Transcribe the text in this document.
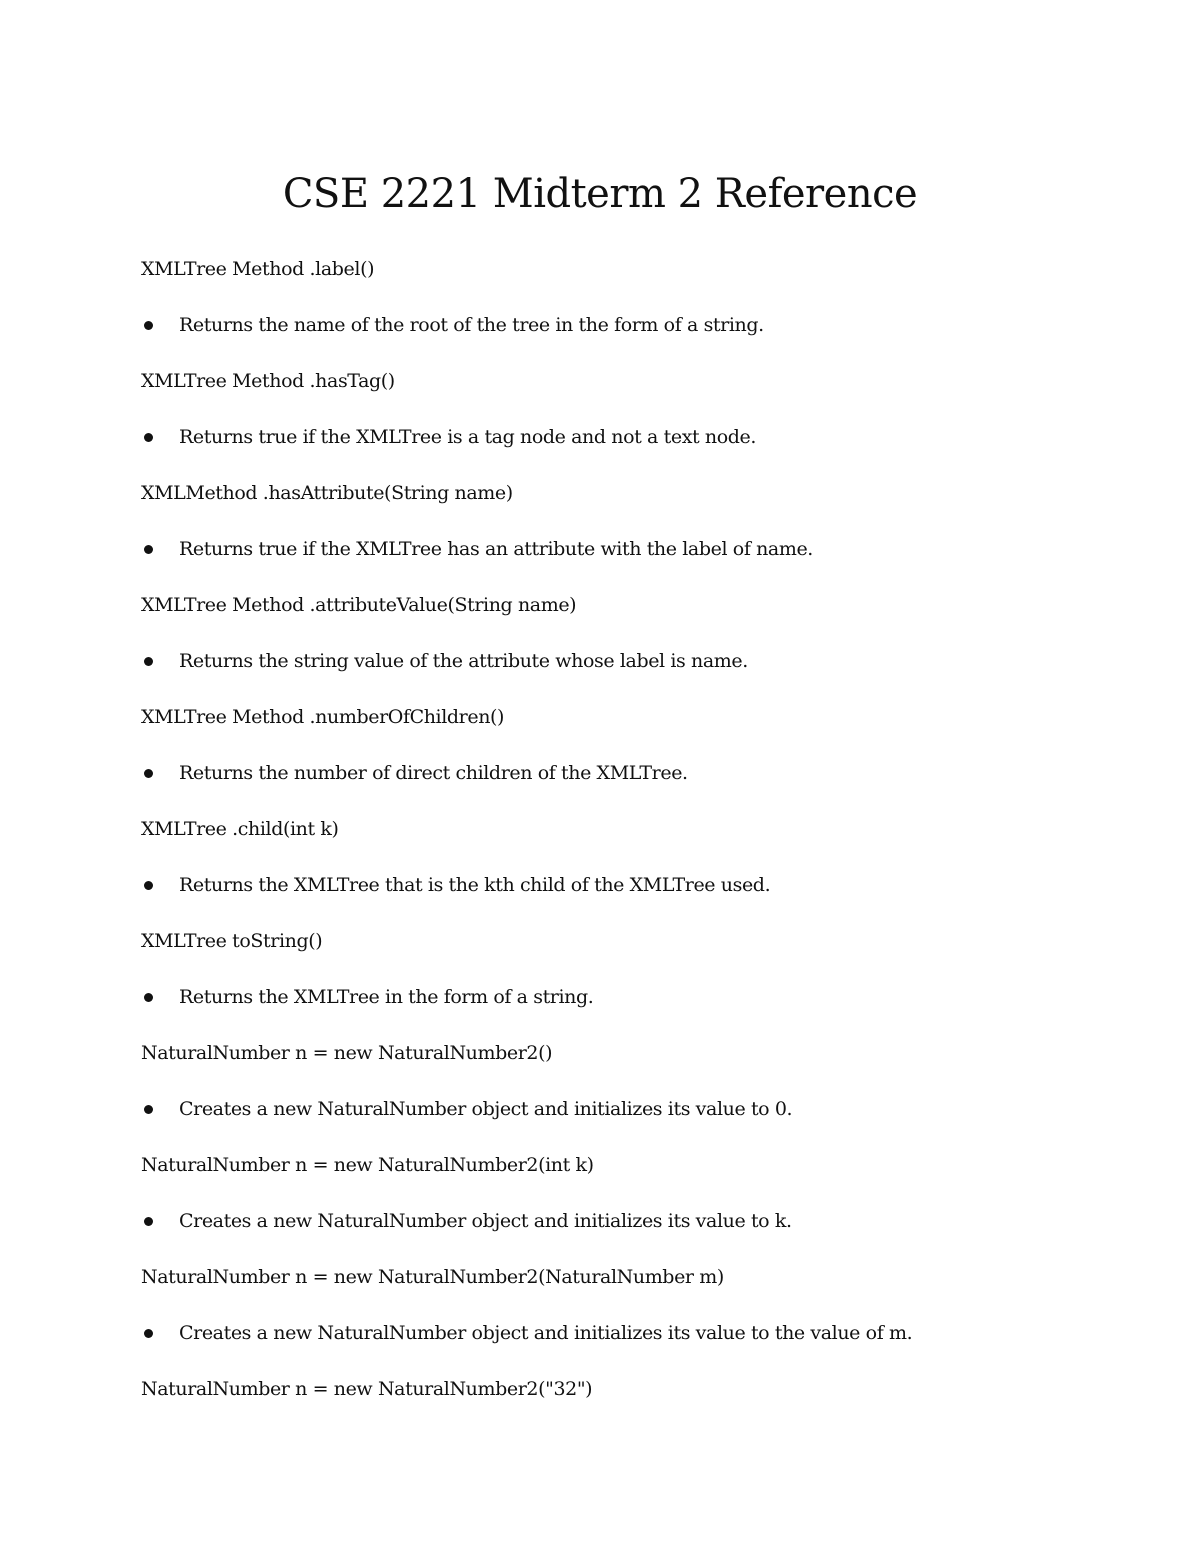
CSE 2221 Midterm 2 Reference
XMLTree Method .label()
Returns the name of the root of the tree in the form of a string.
XMLTree Method .hasTag()
Returns true if the XMLTree is a tag node and not a text node.
XMLMethod .hasAttribute(String name)
Returns true if the XMLTree has an attribute with the label of name.
XMLTree Method .attributeValue(String name)
Returns the string value of the attribute whose label is name.
XMLTree Method .numberOfChildren()
Returns the number of direct children of the XMLTree.
XMLTree .child(int k)
Returns the XMLTree that is the kth child of the XMLTree used.
XMLTree toString()
Returns the XMLTree in the form of a string.
NaturalNumber n = new NaturalNumber2()
Creates a new NaturalNumber object and initializes its value to 0.
NaturalNumber n = new NaturalNumber2(int k)
Creates a new NaturalNumber object and initializes its value to k.
NaturalNumber n = new NaturalNumber2(NaturalNumber m)
Creates a new NaturalNumber object and initializes its value to the value of m.
NaturalNumber n = new NaturalNumber2("32")
